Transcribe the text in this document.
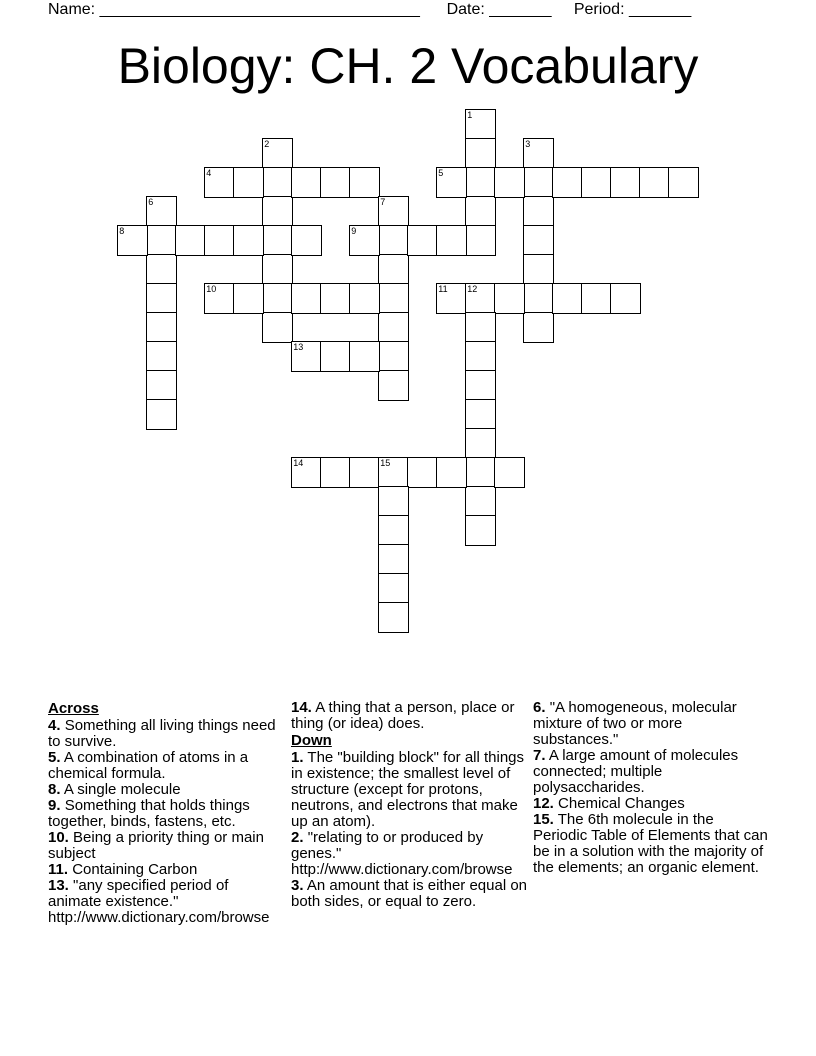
Name: ____________________________________ Date: _______ Period: _______
Biology: CH. 2 Vocabulary
1
2	3
4	5
6	7
8	9
10	11 12
13
14	15
Across

4. Something all living things need to survive.

5. A combination of atoms in a chemical formula.

8. A single molecule

9. Something that holds things together, binds, fastens, etc.

10. Being a priority thing or main subject

11. Containing Carbon

13. "any specified period of animate existence." http://www.dictionary.com/browse

14. A thing that a person, place or thing (or idea) does.

Down

1. The "building block" for all things in existence; the smallest level of structure (except for protons, neutrons, and electrons that make up an atom).

2. "relating to or produced by genes." http://www.dictionary.com/browse

3. An amount that is either equal on both sides, or equal to zero.

6. "A homogeneous, molecular mixture of two or more substances."

7. A large amount of molecules connected; multiple polysaccharides.

12. Chemical Changes

15. The 6th molecule in the Periodic Table of Elements that can be in a solution with the majority of the elements; an organic element.
